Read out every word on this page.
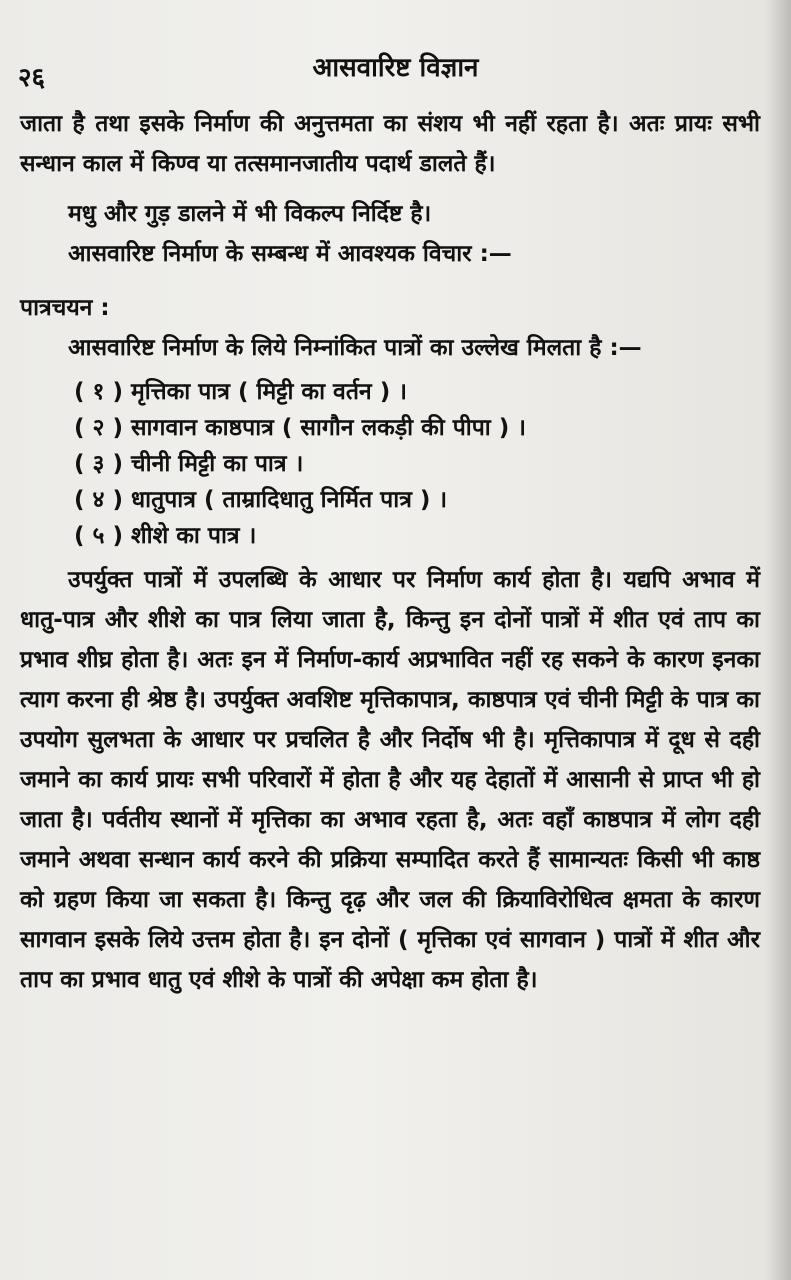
२६	आसवारिष्ट विज्ञान

जाता है तथा इसके निर्माण की अनुत्तमता का संशय भी नहीं रहता है। अतः प्रायः सभी सन्धान काल में किण्व या तत्समानजातीय पदार्थ डालते हैं।

मधु और गुड़ डालने में भी विकल्प निर्दिष्ट है।

आसवारिष्ट निर्माण के सम्बन्ध में आवश्यक विचार :—

पात्रचयन :

आसवारिष्ट निर्माण के लिये निम्नांकित पात्रों का उल्लेख मिलता है :—

( १ ) मृत्तिका पात्र ( मिट्टी का वर्तन ) ।
( २ ) सागवान काष्ठपात्र ( सागौन लकड़ी की पीपा ) ।
( ३ ) चीनी मिट्टी का पात्र ।
( ४ ) धातुपात्र ( ताम्रादिधातु निर्मित पात्र ) ।
( ५ ) शीशे का पात्र ।

उपर्युक्त पात्रों में उपलब्धि के आधार पर निर्माण कार्य होता है। यद्यपि अभाव में धातु-पात्र और शीशे का पात्र लिया जाता है, किन्तु इन दोनों पात्रों में शीत एवं ताप का प्रभाव शीघ्र होता है। अतः इन में निर्माण-कार्य अप्रभावित नहीं रह सकने के कारण इनका त्याग करना ही श्रेष्ठ है। उपर्युक्त अवशिष्ट मृत्तिकापात्र, काष्ठपात्र एवं चीनी मिट्टी के पात्र का उपयोग सुलभता के आधार पर प्रचलित है और निर्दोष भी है। मृत्तिकापात्र में दूध से दही जमाने का कार्य प्रायः सभी परिवारों में होता है और यह देहातों में आसानी से प्राप्त भी हो जाता है। पर्वतीय स्थानों में मृत्तिका का अभाव रहता है, अतः वहाँ काष्ठपात्र में लोग दही जमाने अथवा सन्धान कार्य करने की प्रक्रिया सम्पादित करते हैं सामान्यतः किसी भी काष्ठ को ग्रहण किया जा सकता है। किन्तु दृढ़ और जल की क्रियाविरोधित्व क्षमता के कारण सागवान इसके लिये उत्तम होता है। इन दोनों ( मृत्तिका एवं सागवान ) पात्रों में शीत और ताप का प्रभाव धातु एवं शीशे के पात्रों की अपेक्षा कम होता है।
